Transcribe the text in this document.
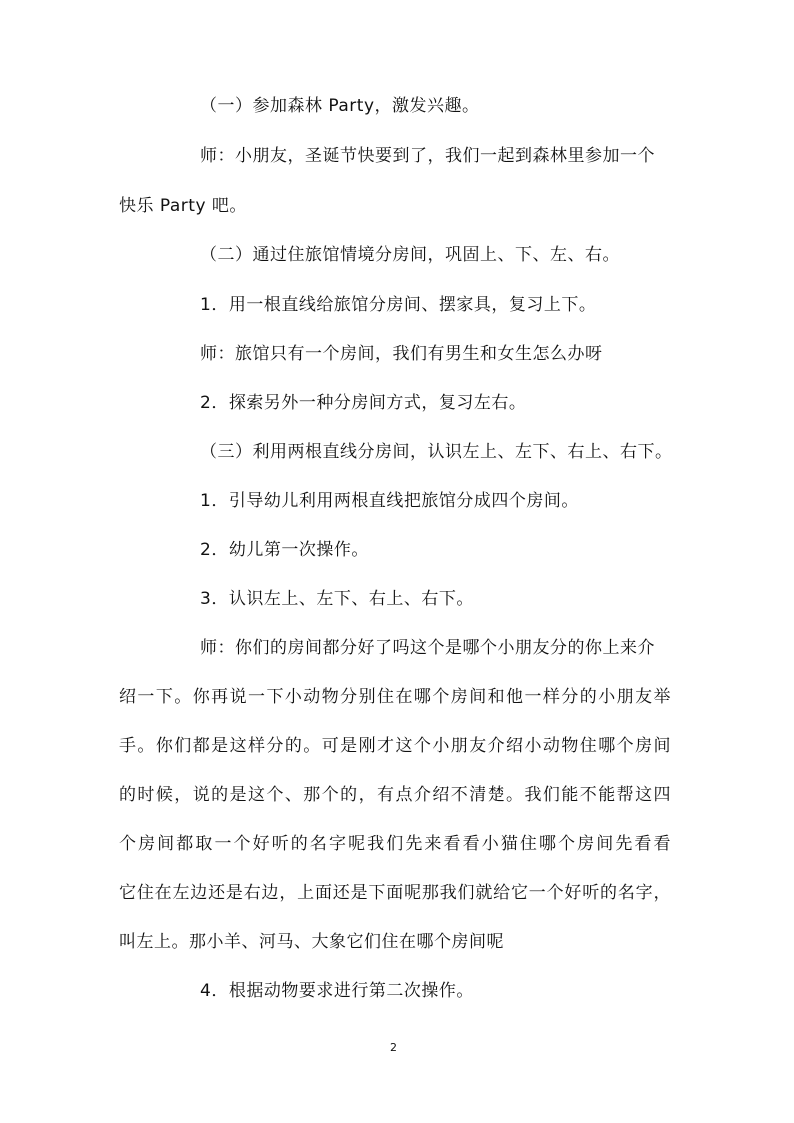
（一）参加森林 Party，激发兴趣。
师：小朋友，圣诞节快要到了，我们一起到森林里参加一个
快乐 Party 吧。
（二）通过住旅馆情境分房间，巩固上、下、左、右。
1．用一根直线给旅馆分房间、摆家具，复习上下。
师：旅馆只有一个房间，我们有男生和女生怎么办呀
2．探索另外一种分房间方式，复习左右。
（三）利用两根直线分房间，认识左上、左下、右上、右下。
1．引导幼儿利用两根直线把旅馆分成四个房间。
2．幼儿第一次操作。
3．认识左上、左下、右上、右下。
师：你们的房间都分好了吗这个是哪个小朋友分的你上来介
绍一下。你再说一下小动物分别住在哪个房间和他一样分的小朋友举
手。你们都是这样分的。可是刚才这个小朋友介绍小动物住哪个房间
的时候，说的是这个、那个的，有点介绍不清楚。我们能不能帮这四
个房间都取一个好听的名字呢我们先来看看小猫住哪个房间先看看
它住在左边还是右边，上面还是下面呢那我们就给它一个好听的名字，
叫左上。那小羊、河马、大象它们住在哪个房间呢
4．根据动物要求进行第二次操作。
2
